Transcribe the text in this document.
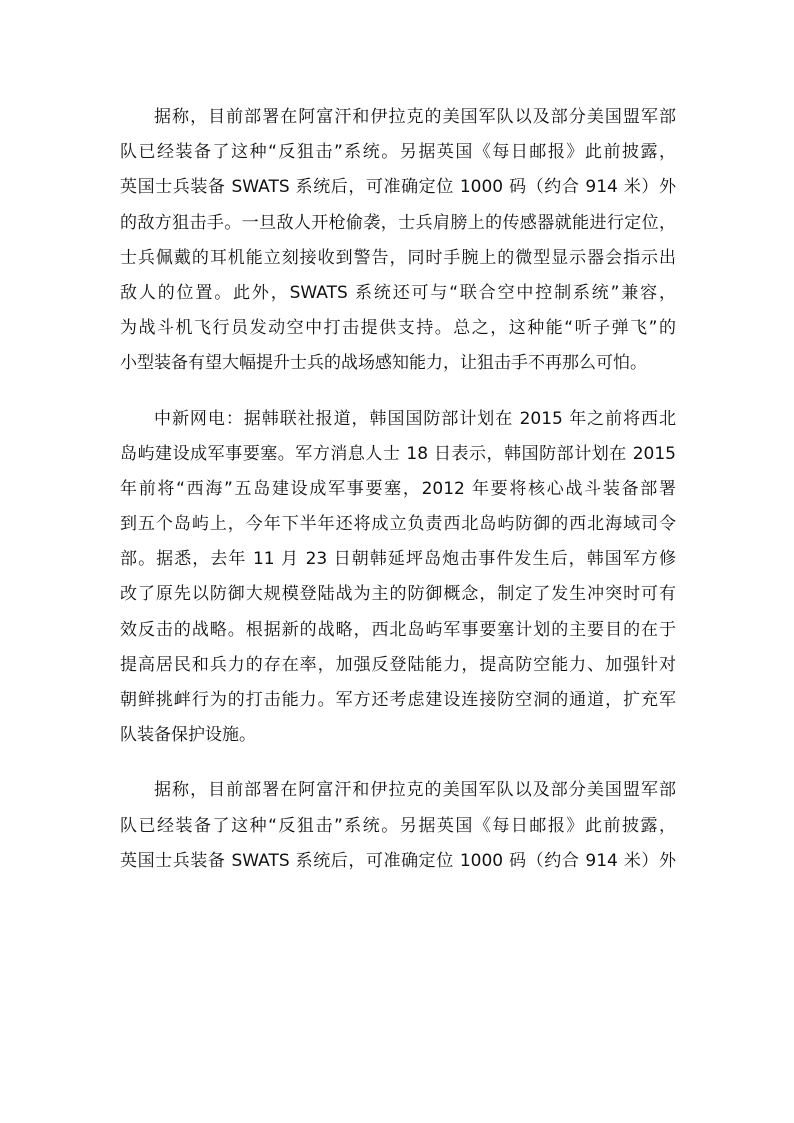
据称，目前部署在阿富汗和伊拉克的美国军队以及部分美国盟军部
队已经装备了这种“反狙击”系统。另据英国《每日邮报》此前披露，
英国士兵装备 SWATS 系统后，可准确定位 1000 码（约合 914 米）外
的敌方狙击手。一旦敌人开枪偷袭，士兵肩膀上的传感器就能进行定位，
士兵佩戴的耳机能立刻接收到警告，同时手腕上的微型显示器会指示出
敌人的位置。此外，SWATS 系统还可与“联合空中控制系统”兼容，
为战斗机飞行员发动空中打击提供支持。总之，这种能“听子弹飞”的
小型装备有望大幅提升士兵的战场感知能力，让狙击手不再那么可怕。

中新网电：据韩联社报道，韩国国防部计划在 2015 年之前将西北
岛屿建设成军事要塞。军方消息人士 18 日表示，韩国防部计划在 2015
年前将“西海”五岛建设成军事要塞，2012 年要将核心战斗装备部署
到五个岛屿上，今年下半年还将成立负责西北岛屿防御的西北海域司令
部。据悉，去年 11 月 23 日朝韩延坪岛炮击事件发生后，韩国军方修
改了原先以防御大规模登陆战为主的防御概念，制定了发生冲突时可有
效反击的战略。根据新的战略，西北岛屿军事要塞计划的主要目的在于
提高居民和兵力的存在率，加强反登陆能力，提高防空能力、加强针对
朝鲜挑衅行为的打击能力。军方还考虑建设连接防空洞的通道，扩充军
队装备保护设施。

据称，目前部署在阿富汗和伊拉克的美国军队以及部分美国盟军部
队已经装备了这种“反狙击”系统。另据英国《每日邮报》此前披露，
英国士兵装备 SWATS 系统后，可准确定位 1000 码（约合 914 米）外
